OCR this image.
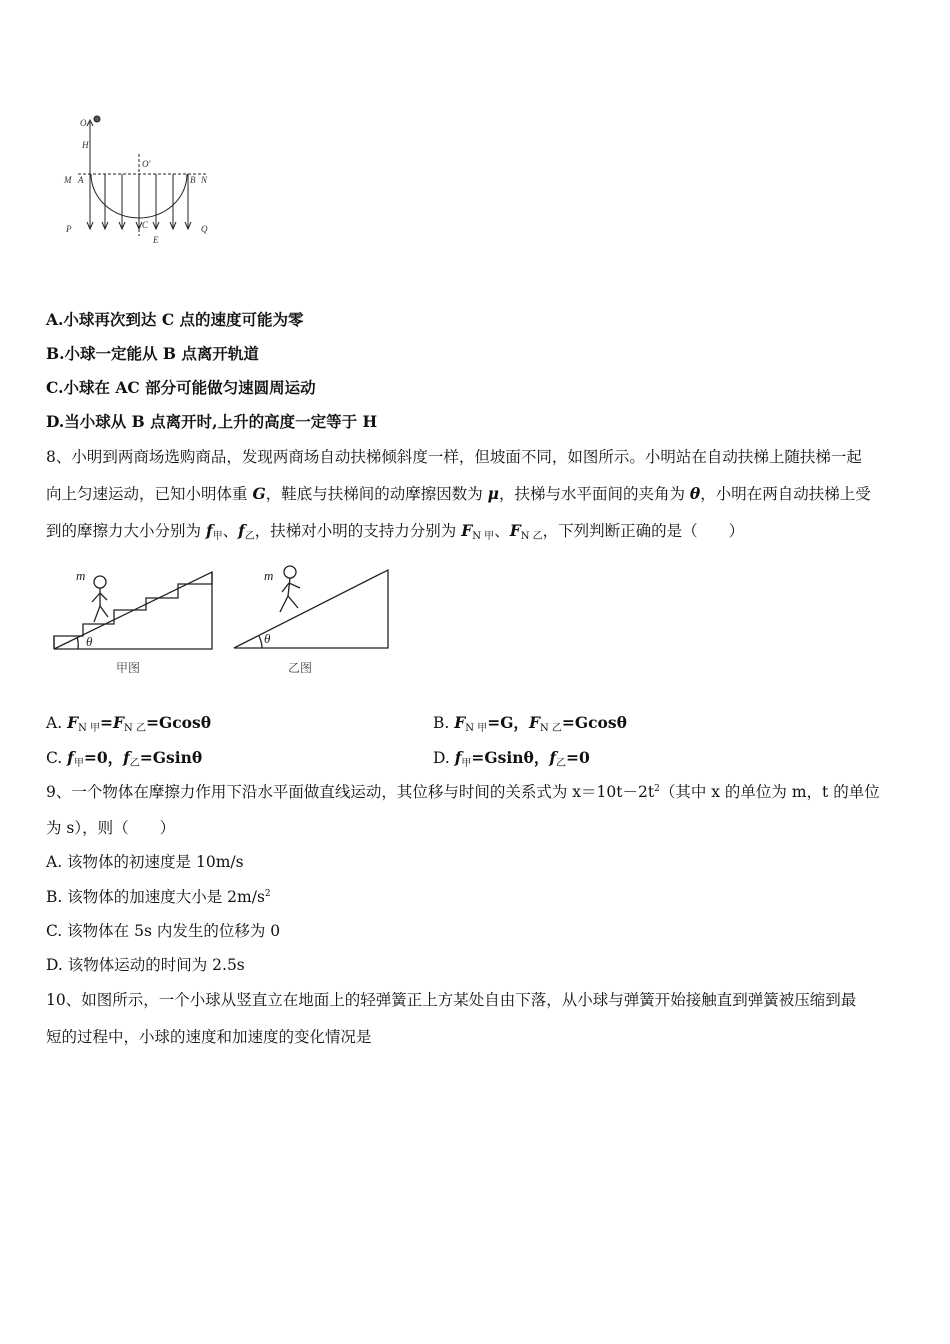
O
H
O'
M A	B N
C
P	Q
E
A.小球再次到达 C 点的速度可能为零
B.小球一定能从 B 点离开轨道
C.小球在 AC 部分可能做匀速圆周运动
D.当小球从 B 点离开时,上升的高度一定等于 H
8、小明到两商场选购商品，发现两商场自动扶梯倾斜度一样，但坡面不同，如图所示。小明站在自动扶梯上随扶梯一起
向上匀速运动，已知小明体重 G，鞋底与扶梯间的动摩擦因数为 μ，扶梯与水平面间的夹角为 θ，小明在两自动扶梯上受
到的摩擦力大小分别为 f甲、f乙，扶梯对小明的支持力分别为 FN 甲、FN 乙，下列判断正确的是（　　）
m	m
θ	θ
甲图	乙图
A. FN 甲=FN 乙=Gcosθ	B. FN 甲=G，FN 乙=Gcosθ
C. f甲=0，f乙=Gsinθ	D. f甲=Gsinθ，f乙=0
9、一个物体在摩擦力作用下沿水平面做直线运动，其位移与时间的关系式为 $x=10t-2t^2$（其中 x 的单位为 m，t 的单位
为 s），则（　　）
A. 该物体的初速度是 10m/s
B. 该物体的加速度大小是 $2m/s^2$
C. 该物体在 5s 内发生的位移为 0
D. 该物体运动的时间为 2.5s
10、如图所示，一个小球从竖直立在地面上的轻弹簧正上方某处自由下落，从小球与弹簧开始接触直到弹簧被压缩到最
短的过程中，小球的速度和加速度的变化情况是
